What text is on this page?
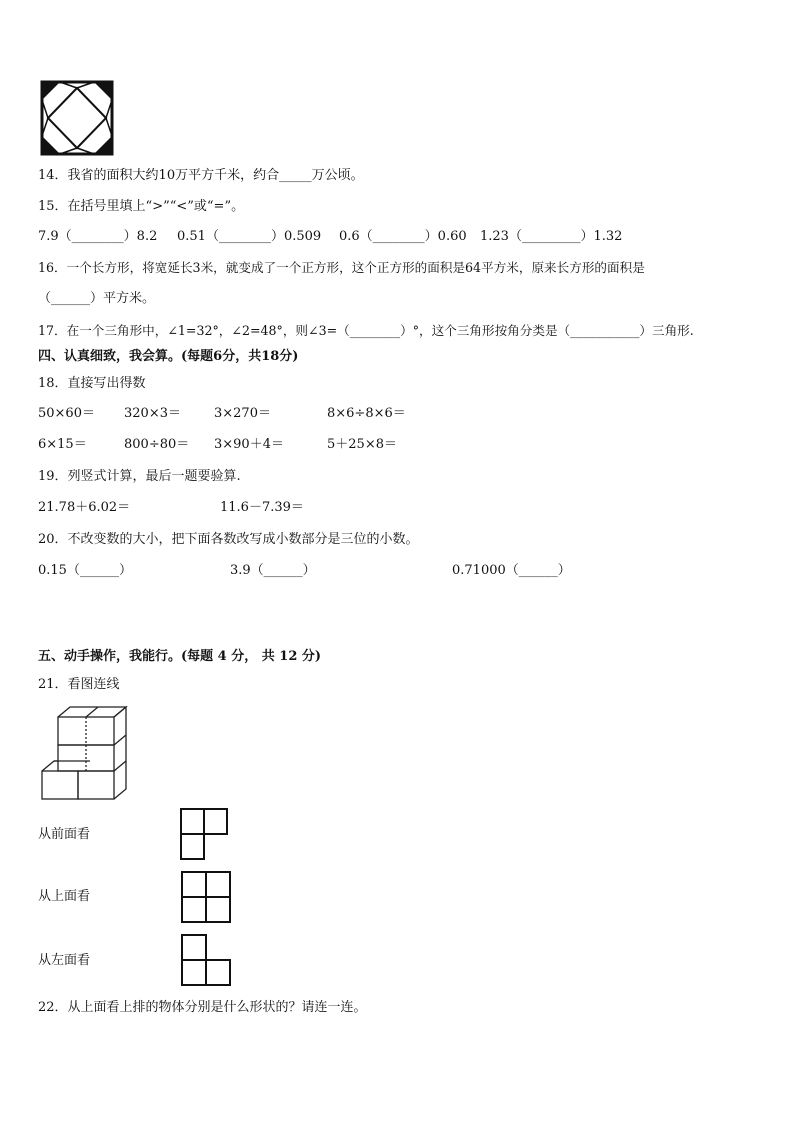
14．我省的面积大约10万平方千米，约合_____万公顷。
15．在括号里填上“>”“<”或“=”。
7.9（________）8.2 0.51（________）0.509 0.6（________）0.60 1.23（_________）1.32
16．一个长方形，将宽延长3米，就变成了一个正方形，这个正方形的面积是64平方米，原来长方形的面积是
（______）平方米。
17．在一个三角形中，∠1=32°，∠2=48°，则∠3=（________）°，这个三角形按角分类是（___________）三角形.
四、认真细致，我会算。(每题6分，共18分)
18．直接写出得数
50×60＝ 320×3＝	3×270＝	8×6÷8×6＝
6×15＝	800÷80＝ 3×90＋4＝	5＋25×8＝
19．列竖式计算，最后一题要验算.
21.78＋6.02＝	11.6－7.39＝
20．不改变数的大小，把下面各数改写成小数部分是三位的小数。
0.15（______）	3.9（______）	0.71000（______）
五、动手操作，我能行。(每题 4 分， 共 12 分)
21．看图连线
从前面看
从上面看
从左面看
22．从上面看上排的物体分别是什么形状的？请连一连。
